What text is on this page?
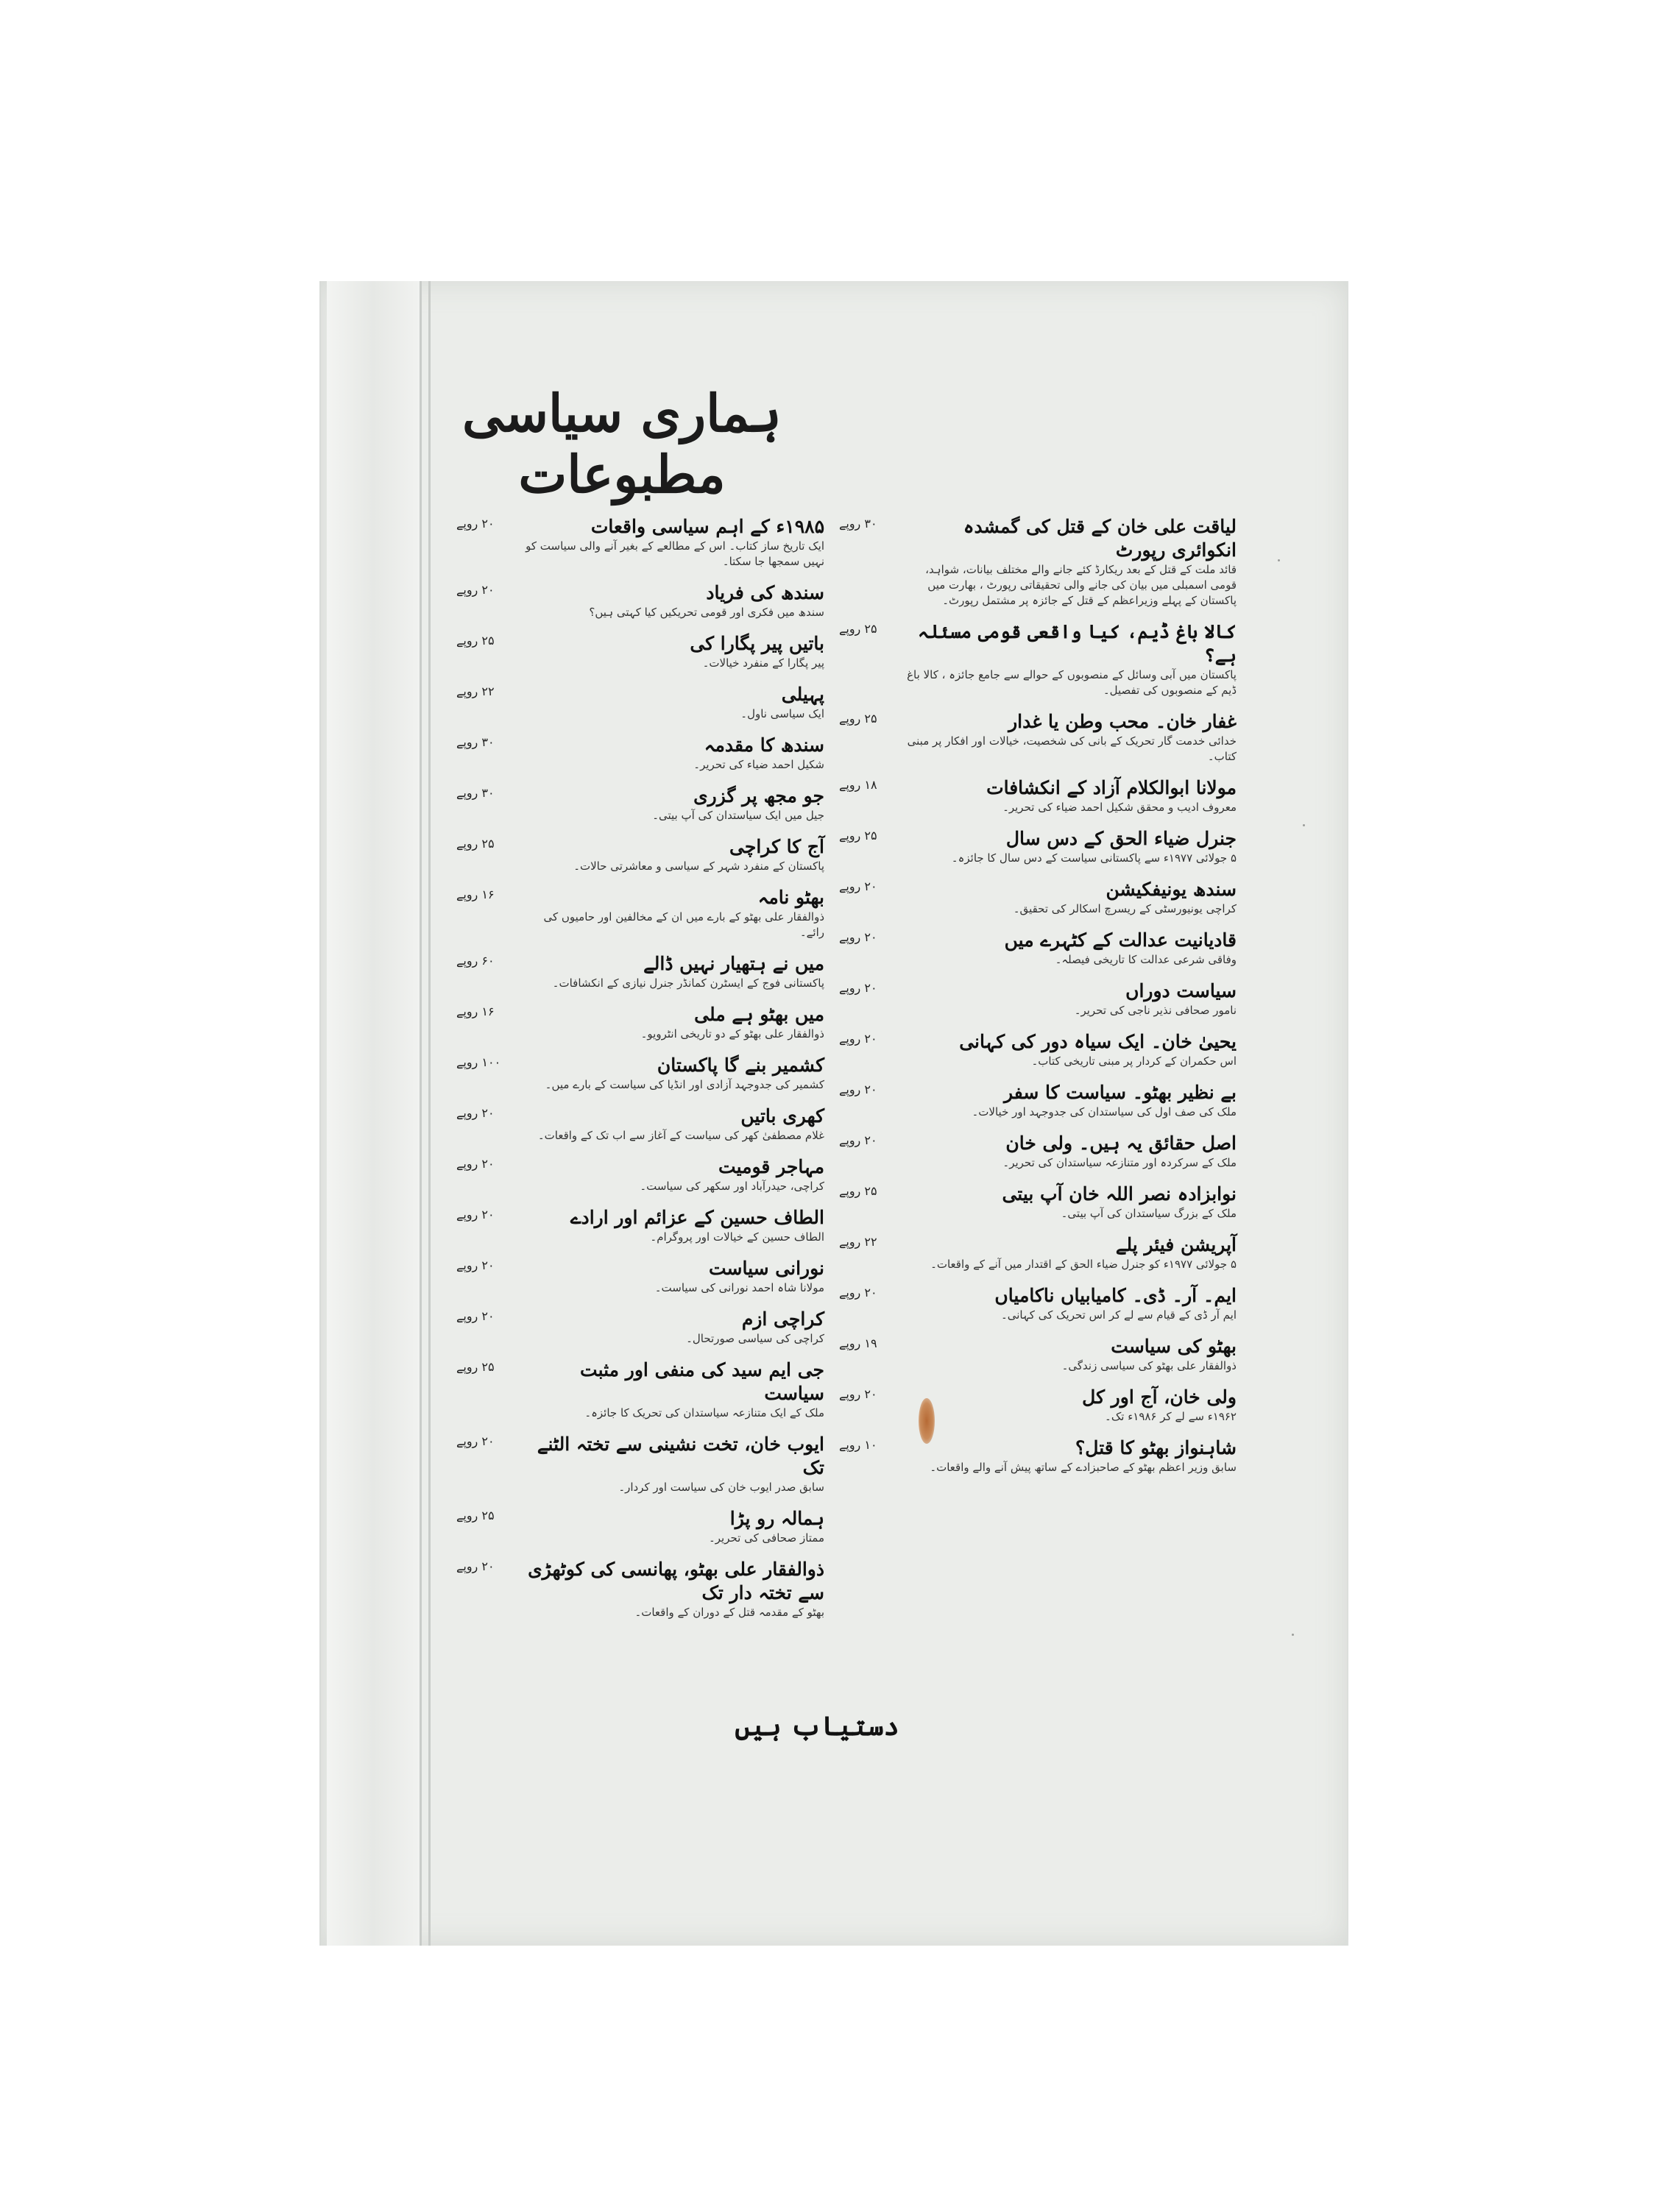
ہماری سیاسی مطبوعات
۳۰ روپے	لیاقت علی خان کے قتل کی گمشدہ انکوائری رپورٹ
قائد ملت کے قتل کے بعد ریکارڈ کئے جانے والے مختلف بیانات، شواہد، قومی اسمبلی میں بیان کی جانے والی تحقیقاتی رپورٹ ، بھارت میں پاکستان کے پہلے وزیراعظم کے قتل کے جائزہ پر مشتمل رپورٹ۔
۲۵ روپے	کالا باغ ڈیم، کیا واقعی قومی مسئلہ ہے؟
پاکستان میں آبی وسائل کے منصوبوں کے حوالے سے جامع جائزہ ، کالا باغ ڈیم کے منصوبوں کی تفصیل۔
۲۵ روپے	غفار خان۔ محب وطن یا غدار
خدائی خدمت گار تحریک کے بانی کی شخصیت، خیالات اور افکار پر مبنی کتاب۔
۱۸ روپے	مولانا ابوالکلام آزاد کے انکشافات
معروف ادیب و محقق شکیل احمد ضیاء کی تحریر۔
۲۵ روپے	جنرل ضیاء الحق کے دس سال
۵ جولائی ۱۹۷۷ء سے پاکستانی سیاست کے دس سال کا جائزہ۔
۲۰ روپے	سندھ یونیفکیشن
کراچی یونیورسٹی کے ریسرچ اسکالر کی تحقیق۔
۲۰ روپے	قادیانیت عدالت کے کٹہرے میں
وفاقی شرعی عدالت کا تاریخی فیصلہ۔
۲۰ روپے	سیاست دوراں
نامور صحافی نذیر ناجی کی تحریر۔
۲۰ روپے	یحییٰ خان۔ ایک سیاہ دور کی کہانی
اس حکمران کے کردار پر مبنی تاریخی کتاب۔
۲۰ روپے	بے نظیر بھٹو۔ سیاست کا سفر
ملک کی صف اول کی سیاستدان کی جدوجہد اور خیالات۔
۲۰ روپے	اصل حقائق یہ ہیں۔ ولی خان
ملک کے سرکردہ اور متنازعہ سیاستدان کی تحریر۔
۲۵ روپے	نوابزادہ نصر اللہ خان آپ بیتی
ملک کے بزرگ سیاستدان کی آپ بیتی۔
۲۲ روپے	آپریشن فیئر پلے
۵ جولائی ۱۹۷۷ء کو جنرل ضیاء الحق کے اقتدار میں آنے کے واقعات۔
۲۰ روپے	ایم۔ آر۔ ڈی۔ کامیابیاں ناکامیاں
ایم آر ڈی کے قیام سے لے کر اس تحریک کی کہانی۔
۱۹ روپے	بھٹو کی سیاست
ذوالفقار علی بھٹو کی سیاسی زندگی۔
۲۰ روپے	ولی خان، آج اور کل
۱۹۶۲ء سے لے کر ۱۹۸۶ء تک۔
۱۰ روپے	شاہنواز بھٹو کا قتل؟
سابق وزیر اعظم بھٹو کے صاحبزادے کے ساتھ پیش آنے والے واقعات۔
۲۰ روپے	۱۹۸۵ء کے اہم سیاسی واقعات
ایک تاریخ ساز کتاب۔ اس کے مطالعے کے بغیر آنے والی سیاست کو نہیں سمجھا جا سکتا۔
۲۰ روپے	سندھ کی فریاد
سندھ میں فکری اور قومی تحریکیں کیا کہتی ہیں؟
۲۵ روپے	باتیں پیر پگارا کی
پیر پگارا کے منفرد خیالات۔
۲۲ روپے	پہیلی
ایک سیاسی ناول۔
۳۰ روپے	سندھ کا مقدمہ
شکیل احمد ضیاء کی تحریر۔
۳۰ روپے	جو مجھ پر گزری
جیل میں ایک سیاستدان کی آپ بیتی۔
۲۵ روپے	آج کا کراچی
پاکستان کے منفرد شہر کے سیاسی و معاشرتی حالات۔
۱۶ روپے	بھٹو نامہ
ذوالفقار علی بھٹو کے بارے میں ان کے مخالفین اور حامیوں کی رائے۔
۶۰ روپے	میں نے ہتھیار نہیں ڈالے
پاکستانی فوج کے ایسٹرن کمانڈر جنرل نیازی کے انکشافات۔
۱۶ روپے	میں بھٹو ہے ملی
ذوالفقار علی بھٹو کے دو تاریخی انٹرویو۔
۱۰۰ روپے	کشمیر بنے گا پاکستان
کشمیر کی جدوجہد آزادی اور انڈیا کی سیاست کے بارے میں۔
۲۰ روپے	کھری باتیں
غلام مصطفیٰ کھر کی سیاست کے آغاز سے اب تک کے واقعات۔
۲۰ روپے	مہاجر قومیت
کراچی، حیدرآباد اور سکھر کی سیاست۔
۲۰ روپے	الطاف حسین کے عزائم اور ارادے
الطاف حسین کے خیالات اور پروگرام۔
۲۰ روپے	نورانی سیاست
مولانا شاہ احمد نورانی کی سیاست۔
۲۰ روپے	کراچی ازم
کراچی کی سیاسی صورتحال۔
۲۵ روپے	جی ایم سید کی منفی اور مثبت سیاست
ملک کے ایک متنازعہ سیاستدان کی تحریک کا جائزہ۔
۲۰ روپے	ایوب خان، تخت نشینی سے تختہ الٹنے تک
سابق صدر ایوب خان کی سیاست اور کردار۔
۲۵ روپے	ہمالہ رو پڑا
ممتاز صحافی کی تحریر۔
۲۰ روپے	ذوالفقار علی بھٹو، پھانسی کی کوٹھڑی سے تختہ دار تک
بھٹو کے مقدمہ قتل کے دوران کے واقعات۔
دستیاب ہیں
